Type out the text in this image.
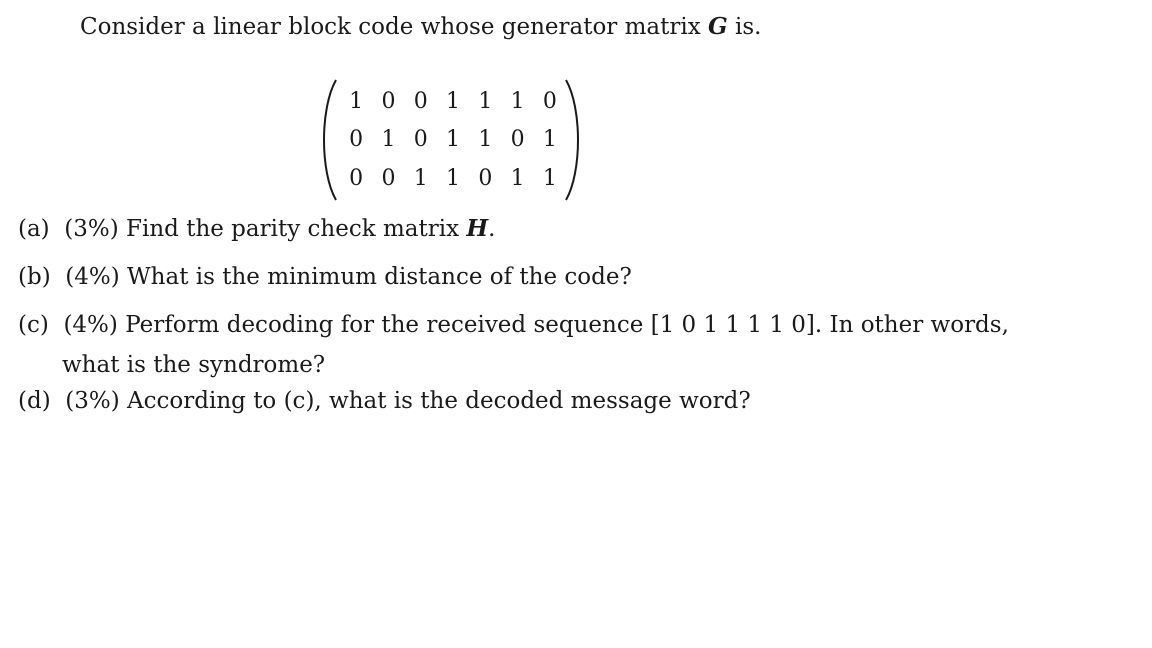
Consider a linear block code whose generator matrix G is.
1	0	0	1	1	1	0
0	1	0	1	1	0	1
0	0	1	1	0	1	1
(a) (3%) Find the parity check matrix H.
(b) (4%) What is the minimum distance of the code?
(c) (4%) Perform decoding for the received sequence [1 0 1 1 1 1 0]. In other words,
what is the syndrome?
(d) (3%) According to (c), what is the decoded message word?
